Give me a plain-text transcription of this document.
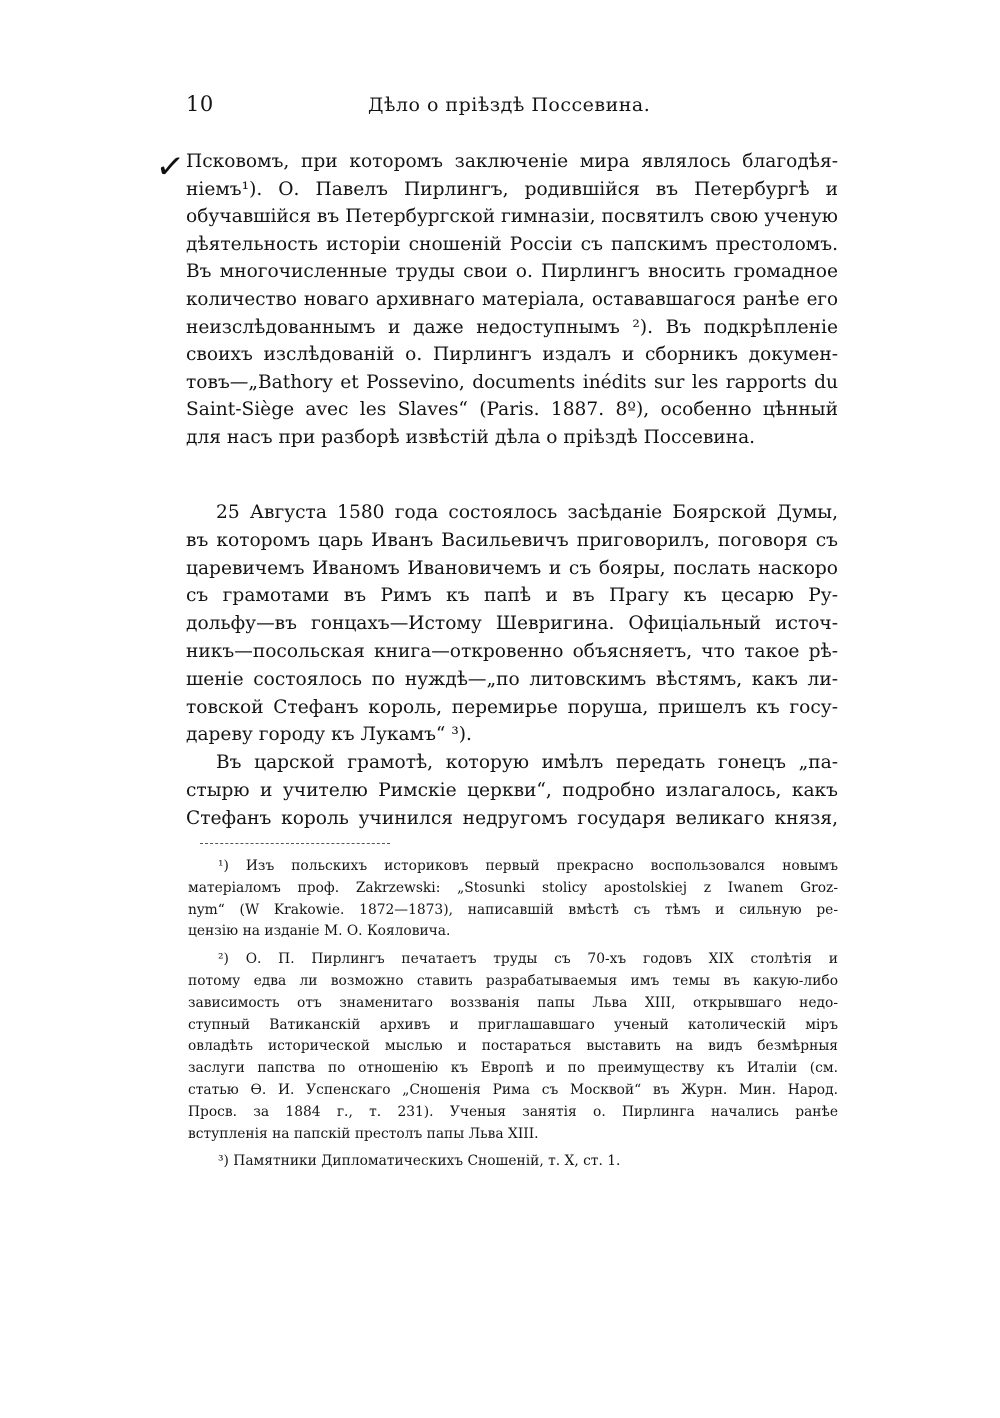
10	Дѣло о пріѣздѣ Поссевина.
✓ Псковомъ, при которомъ заключеніе мира являлось благодѣя-
ніемъ¹). О. Павелъ Пирлингъ, родившійся въ Петербургѣ и
обучавшійся въ Петербургской гимназіи, посвятилъ свою ученую
дѣятельность исторіи сношеній Россіи съ папскимъ престоломъ.
Въ многочисленные труды свои о. Пирлингъ вносить громадное
количество новаго архивнаго матеріала, остававшагося ранѣе его
неизслѣдованнымъ и даже недоступнымъ ²). Въ подкрѣпленіе
своихъ изслѣдованій о. Пирлингъ издалъ и сборникъ докумен-
товъ—„Bathory et Possevino, documents inédits sur les rapports du
Saint-Siège avec les Slaves“ (Paris. 1887. 8º), особенно цѣнный
для насъ при разборѣ извѣстій дѣла о пріѣздѣ Поссевина.
25 Августа 1580 года состоялось засѣданіе Боярской Думы,
въ которомъ царь Иванъ Васильевичъ приговорилъ, поговоря съ
царевичемъ Иваномъ Ивановичемъ и съ бояры, послать наскоро
съ грамотами въ Римъ къ папѣ и въ Прагу къ цесарю Ру-
дольфу—въ гонцахъ—Истому Шевригина. Офиціальный источ-
никъ—посольская книга—откровенно объясняетъ, что такое рѣ-
шеніе состоялось по нуждѣ—„по литовскимъ вѣстямъ, какъ ли-
товской Стефанъ король, перемирье порушa, пришелъ къ госу-
дареву городу къ Лукамъ“ ³).
Въ царской грамотѣ, которую имѣлъ передать гонецъ „па-
стырю и учителю Римскіе церкви“, подробно излагалось, какъ
Стефанъ король учинился недругомъ государя великаго князя,
¹) Изъ польскихъ историковъ первый прекрасно воспользовался новымъ
матеріаломъ проф. Zakrzewski: „Stosunki stolicy apostolskiej z Iwanem Groz-
nym“ (W Krakowie. 1872—1873), написавшій вмѣстѣ съ тѣмъ и сильную ре-
цензію на изданіе М. О. Кояловича.
²) О. П. Пирлингъ печатаетъ труды съ 70-хъ годовъ XIX столѣтія и
потому едва ли возможно ставить разрабатываемыя имъ темы въ какую-либо
зависимость отъ знаменитаго воззванія папы Льва XIII, открывшаго недо-
ступный Ватиканскій архивъ и приглашавшаго ученый католическій міръ
овладѣть исторической мыслью и постараться выставить на видъ безмѣрныя
заслуги папства по отношенію къ Европѣ и по преимуществу къ Италіи (см.
статью Ѳ. И. Успенскаго „Сношенія Рима съ Москвой“ въ Журн. Мин. Народ.
Просв. за 1884 г., т. 231). Ученыя занятія о. Пирлинга начались ранѣе
вступленія на папскій престолъ папы Льва XIII.
³) Памятники Дипломатическихъ Сношеній, т. X, ст. 1.
